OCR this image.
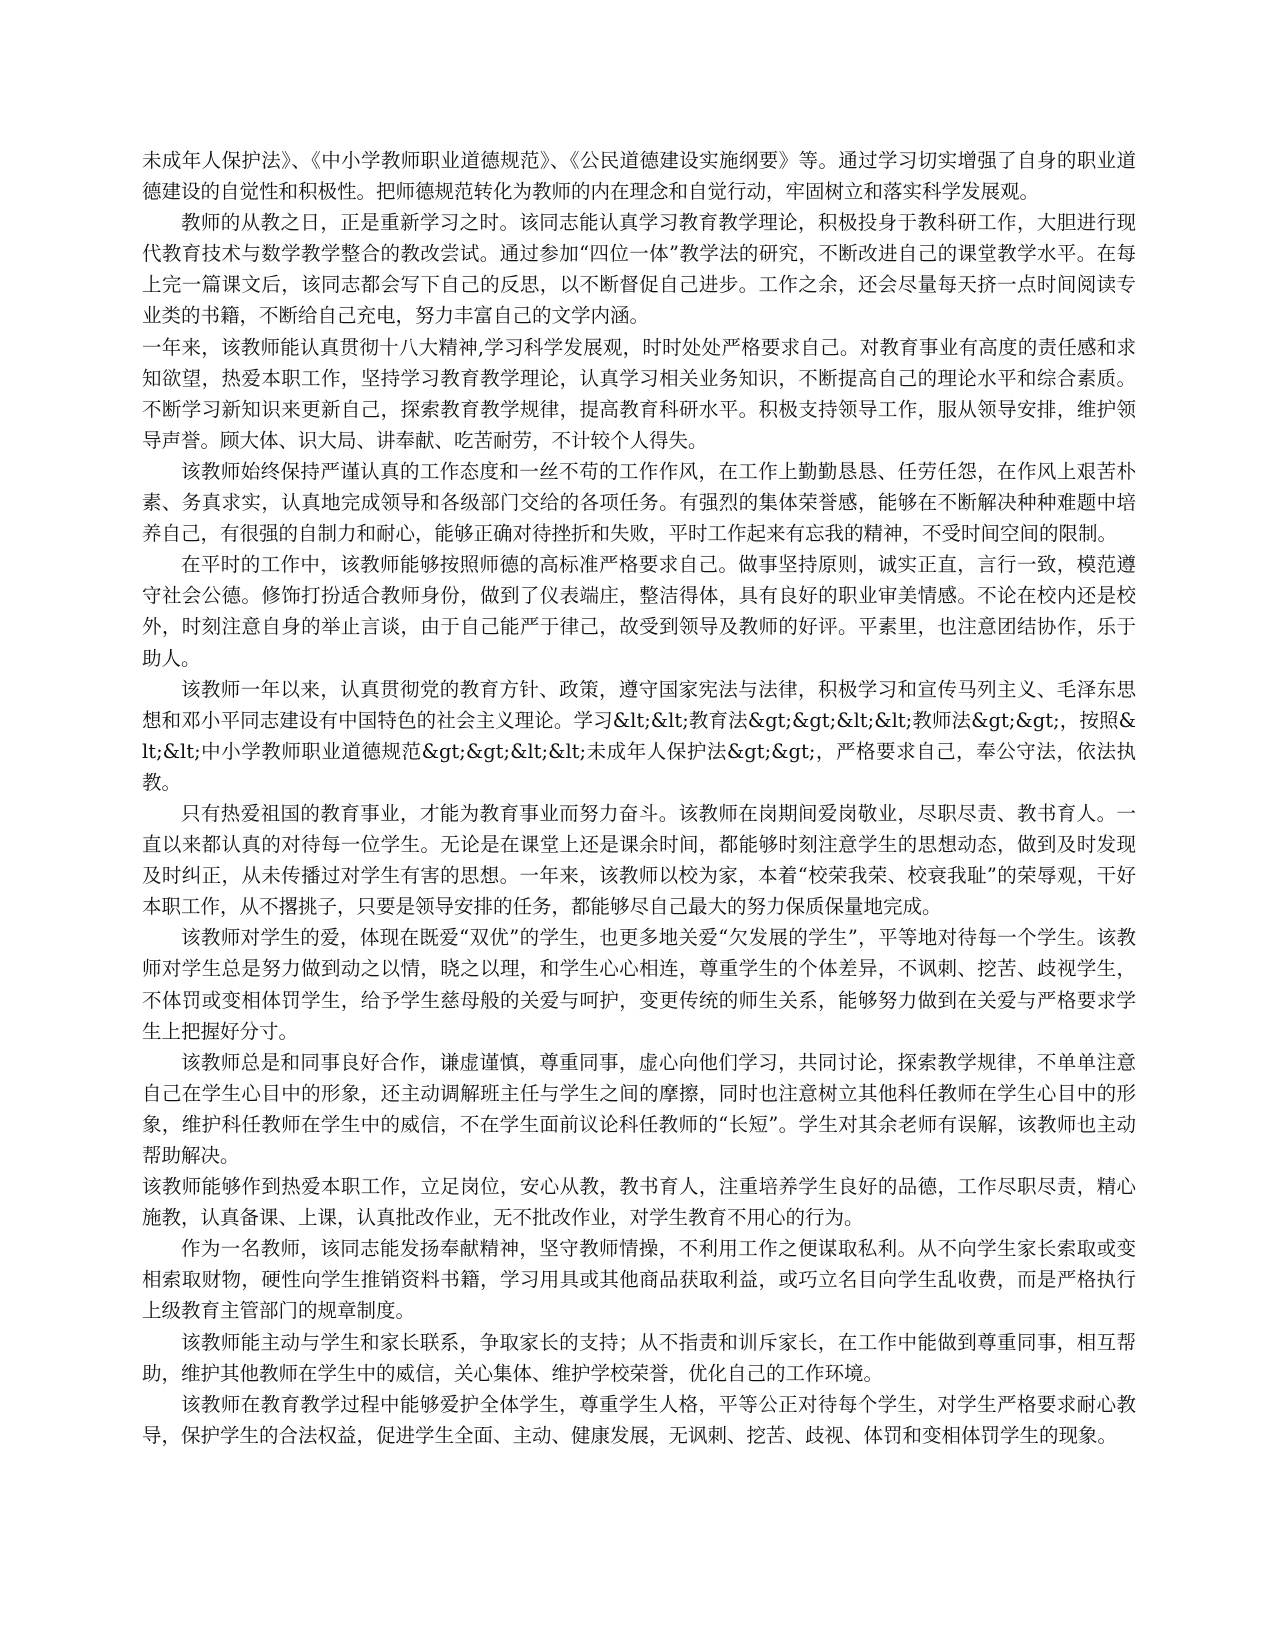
未成年人保护法》、《中小学教师职业道德规范》、《公民道德建设实施纲要》等。通过学习切实增强了自身的职业道德建设的自觉性和积极性。把师德规范转化为教师的内在理念和自觉行动，牢固树立和落实科学发展观。

教师的从教之日，正是重新学习之时。该同志能认真学习教育教学理论，积极投身于教科研工作，大胆进行现代教育技术与数学教学整合的教改尝试。通过参加“四位一体”教学法的研究，不断改进自己的课堂教学水平。在每上完一篇课文后，该同志都会写下自己的反思，以不断督促自己进步。工作之余，还会尽量每天挤一点时间阅读专业类的书籍，不断给自己充电，努力丰富自己的文学内涵。

一年来，该教师能认真贯彻十八大精神,学习科学发展观，时时处处严格要求自己。对教育事业有高度的责任感和求知欲望，热爱本职工作，坚持学习教育教学理论，认真学习相关业务知识，不断提高自己的理论水平和综合素质。不断学习新知识来更新自己，探索教育教学规律，提高教育科研水平。积极支持领导工作，服从领导安排，维护领导声誉。顾大体、识大局、讲奉献、吃苦耐劳，不计较个人得失。

该教师始终保持严谨认真的工作态度和一丝不苟的工作作风，在工作上勤勤恳恳、任劳任怨，在作风上艰苦朴素、务真求实，认真地完成领导和各级部门交给的各项任务。有强烈的集体荣誉感，能够在不断解决种种难题中培养自己，有很强的自制力和耐心，能够正确对待挫折和失败，平时工作起来有忘我的精神，不受时间空间的限制。

在平时的工作中，该教师能够按照师德的高标准严格要求自己。做事坚持原则，诚实正直，言行一致，模范遵守社会公德。修饰打扮适合教师身份，做到了仪表端庄，整洁得体，具有良好的职业审美情感。不论在校内还是校外，时刻注意自身的举止言谈，由于自己能严于律己，故受到领导及教师的好评。平素里，也注意团结协作，乐于助人。

该教师一年以来，认真贯彻党的教育方针、政策，遵守国家宪法与法律，积极学习和宣传马列主义、毛泽东思想和邓小平同志建设有中国特色的社会主义理论。学习&lt;&lt;教育法&gt;&gt;&lt;&lt;教师法&gt;&gt;，按照&lt;&lt;中小学教师职业道德规范&gt;&gt;&lt;&lt;未成年人保护法&gt;&gt;，严格要求自己，奉公守法，依法执教。

只有热爱祖国的教育事业，才能为教育事业而努力奋斗。该教师在岗期间爱岗敬业，尽职尽责、教书育人。一直以来都认真的对待每一位学生。无论是在课堂上还是课余时间，都能够时刻注意学生的思想动态，做到及时发现及时纠正，从未传播过对学生有害的思想。一年来，该教师以校为家，本着“校荣我荣、校衰我耻”的荣辱观，干好本职工作，从不撂挑子，只要是领导安排的任务，都能够尽自己最大的努力保质保量地完成。

该教师对学生的爱，体现在既爱“双优”的学生，也更多地关爱“欠发展的学生”，平等地对待每一个学生。该教师对学生总是努力做到动之以情，晓之以理，和学生心心相连，尊重学生的个体差异，不讽刺、挖苦、歧视学生，不体罚或变相体罚学生，给予学生慈母般的关爱与呵护，变更传统的师生关系，能够努力做到在关爱与严格要求学生上把握好分寸。

该教师总是和同事良好合作，谦虚谨慎，尊重同事，虚心向他们学习，共同讨论，探索教学规律，不单单注意自己在学生心目中的形象，还主动调解班主任与学生之间的摩擦，同时也注意树立其他科任教师在学生心目中的形象，维护科任教师在学生中的威信，不在学生面前议论科任教师的“长短”。学生对其余老师有误解，该教师也主动帮助解决。

该教师能够作到热爱本职工作，立足岗位，安心从教，教书育人，注重培养学生良好的品德，工作尽职尽责，精心施教，认真备课、上课，认真批改作业，无不批改作业，对学生教育不用心的行为。

作为一名教师，该同志能发扬奉献精神，坚守教师情操，不利用工作之便谋取私利。从不向学生家长索取或变相索取财物，硬性向学生推销资料书籍，学习用具或其他商品获取利益，或巧立名目向学生乱收费，而是严格执行上级教育主管部门的规章制度。

该教师能主动与学生和家长联系，争取家长的支持；从不指责和训斥家长，在工作中能做到尊重同事，相互帮助，维护其他教师在学生中的威信，关心集体、维护学校荣誉，优化自己的工作环境。

该教师在教育教学过程中能够爱护全体学生，尊重学生人格，平等公正对待每个学生，对学生严格要求耐心教导，保护学生的合法权益，促进学生全面、主动、健康发展，无讽刺、挖苦、歧视、体罚和变相体罚学生的现象。
